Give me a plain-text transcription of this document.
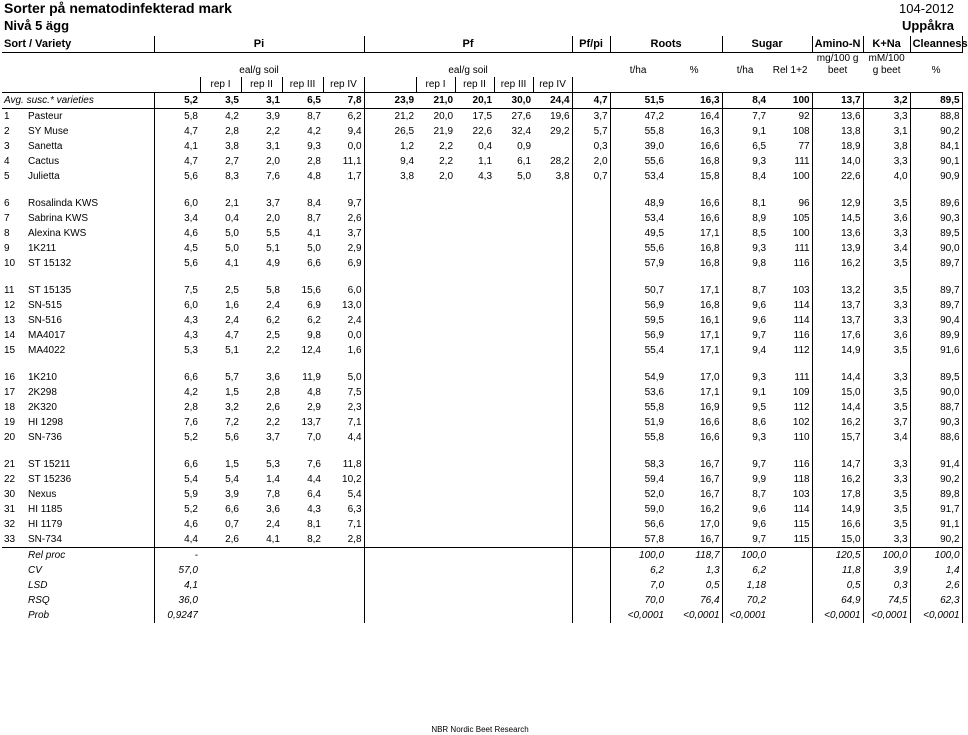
Sorter på nematodinfekterad mark	104-2012
Nivå 5 ägg	Uppåkra
Sort / Variety	Pi					Pf					Pf/pi	Roots		Sugar		Amino-N	K+Na	Cleanness
	eal/g soil					eal/g soil						t/ha	%	t/ha	Rel 1+2	mg/100 g beet	mM/100 g beet	%
		rep I	rep II	rep III	rep IV		rep I	rep II	rep III	rep IV								
Avg. susc.* varieties	5,2	3,5	3,1	6,5	7,8	23,9	21,0	20,1	30,0	24,4	4,7	51,5	16,3	8,4	100	13,7	3,2	89,5
1 Pasteur	5,8	4,2	3,9	8,7	6,2	21,2	20,0	17,5	27,6	19,6	3,7	47,2	16,4	7,7	92	13,6	3,3	88,8
2 SY Muse	4,7	2,8	2,2	4,2	9,4	26,5	21,9	22,6	32,4	29,2	5,7	55,8	16,3	9,1	108	13,8	3,1	90,2
3 Sanetta	4,1	3,8	3,1	9,3	0,0	1,2	2,2	0,4	0,9		0,3	39,0	16,6	6,5	77	18,9	3,8	84,1
4 Cactus	4,7	2,7	2,0	2,8	11,1	9,4	2,2	1,1	6,1	28,2	2,0	55,6	16,8	9,3	111	14,0	3,3	90,1
5 Julietta	5,6	8,3	7,6	4,8	1,7	3,8	2,0	4,3	5,0	3,8	0,7	53,4	15,8	8,4	100	22,6	4,0	90,9

6 Rosalinda KWS	6,0	2,1	3,7	8,4	9,7							48,9	16,6	8,1	96	12,9	3,5	89,6
7 Sabrina KWS	3,4	0,4	2,0	8,7	2,6							53,4	16,6	8,9	105	14,5	3,6	90,3
8 Alexina KWS	4,6	5,0	5,5	4,1	3,7							49,5	17,1	8,5	100	13,6	3,3	89,5
9 1K211	4,5	5,0	5,1	5,0	2,9							55,6	16,8	9,3	111	13,9	3,4	90,0
10 ST 15132	5,6	4,1	4,9	6,6	6,9							57,9	16,8	9,8	116	16,2	3,5	89,7

11 ST 15135	7,5	2,5	5,8	15,6	6,0							50,7	17,1	8,7	103	13,2	3,5	89,7
12 SN-515	6,0	1,6	2,4	6,9	13,0							56,9	16,8	9,6	114	13,7	3,3	89,7
13 SN-516	4,3	2,4	6,2	6,2	2,4							59,5	16,1	9,6	114	13,7	3,3	90,4
14 MA4017	4,3	4,7	2,5	9,8	0,0							56,9	17,1	9,7	116	17,6	3,6	89,9
15 MA4022	5,3	5,1	2,2	12,4	1,6							55,4	17,1	9,4	112	14,9	3,5	91,6

16 1K210	6,6	5,7	3,6	11,9	5,0							54,9	17,0	9,3	111	14,4	3,3	89,5
17 2K298	4,2	1,5	2,8	4,8	7,5							53,6	17,1	9,1	109	15,0	3,5	90,0
18 2K320	2,8	3,2	2,6	2,9	2,3							55,8	16,9	9,5	112	14,4	3,5	88,7
19 HI 1298	7,6	7,2	2,2	13,7	7,1							51,9	16,6	8,6	102	16,2	3,7	90,3
20 SN-736	5,2	5,6	3,7	7,0	4,4							55,8	16,6	9,3	110	15,7	3,4	88,6

21 ST 15211	6,6	1,5	5,3	7,6	11,8							58,3	16,7	9,7	116	14,7	3,3	91,4
22 ST 15236	5,4	5,4	1,4	4,4	10,2							59,4	16,7	9,9	118	16,2	3,3	90,2
30 Nexus	5,9	3,9	7,8	6,4	5,4							52,0	16,7	8,7	103	17,8	3,5	89,8
31 HI 1185	5,2	6,6	3,6	4,3	6,3							59,0	16,2	9,6	114	14,9	3,5	91,7
32 HI 1179	4,6	0,7	2,4	8,1	7,1							56,6	17,0	9,6	115	16,6	3,5	91,1
33 SN-734	4,4	2,6	4,1	8,2	2,8							57,8	16,7	9,7	115	15,0	3,3	90,2
Rel proc	-											100,0	118,7	100,0		120,5	100,0	100,0
CV	57,0											6,2	1,3	6,2		11,8	3,9	1,4
LSD	4,1											7,0	0,5	1,18		0,5	0,3	2,6
RSQ	36,0											70,0	76,4	70,2		64,9	74,5	62,3
Prob	0,9247											<0,0001	<0,0001	<0,0001		<0,0001	<0,0001	<0,0001
NBR Nordic Beet Research
